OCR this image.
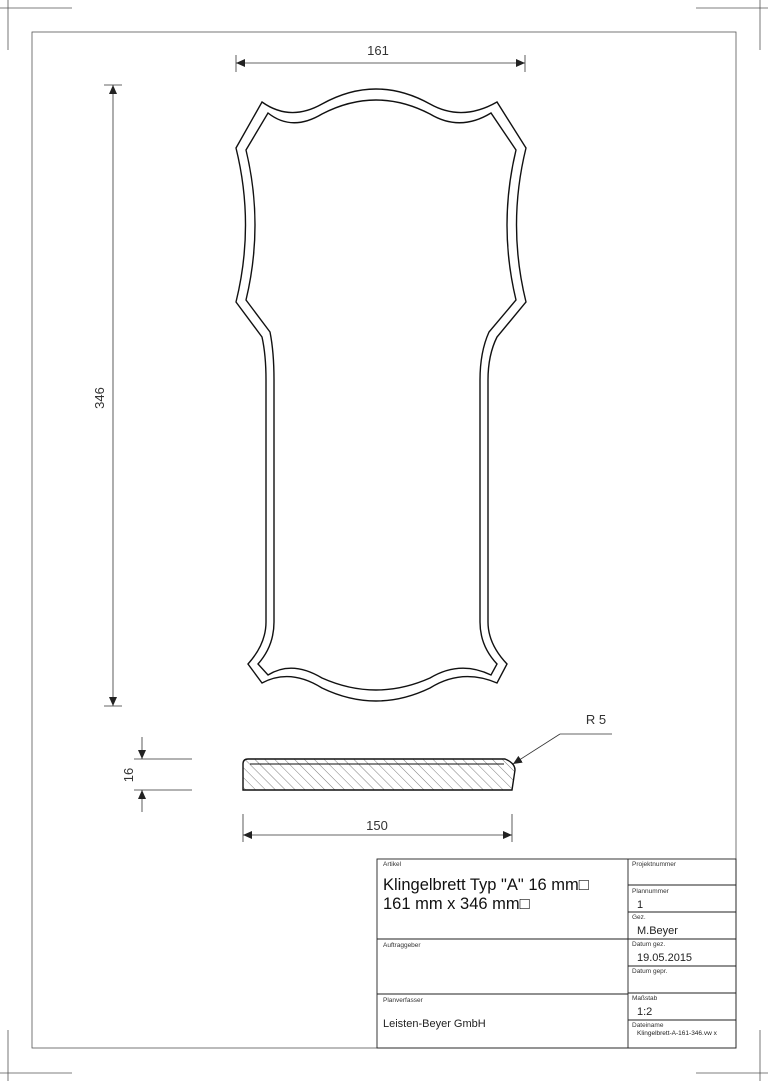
161
346
R 5
16
150
Artikel
Klingelbrett Typ "A" 16 mm□
161 mm x 346 mm□
Projektnummer
Plannummer
1
Gez.
M.Beyer
Auftraggeber	Datum gez.
19.05.2015
Datum gepr.
Planverfasser
Leisten-Beyer GmbH
Maßstab
1:2
Dateiname
Klingelbrett-A-161-346.vw x
